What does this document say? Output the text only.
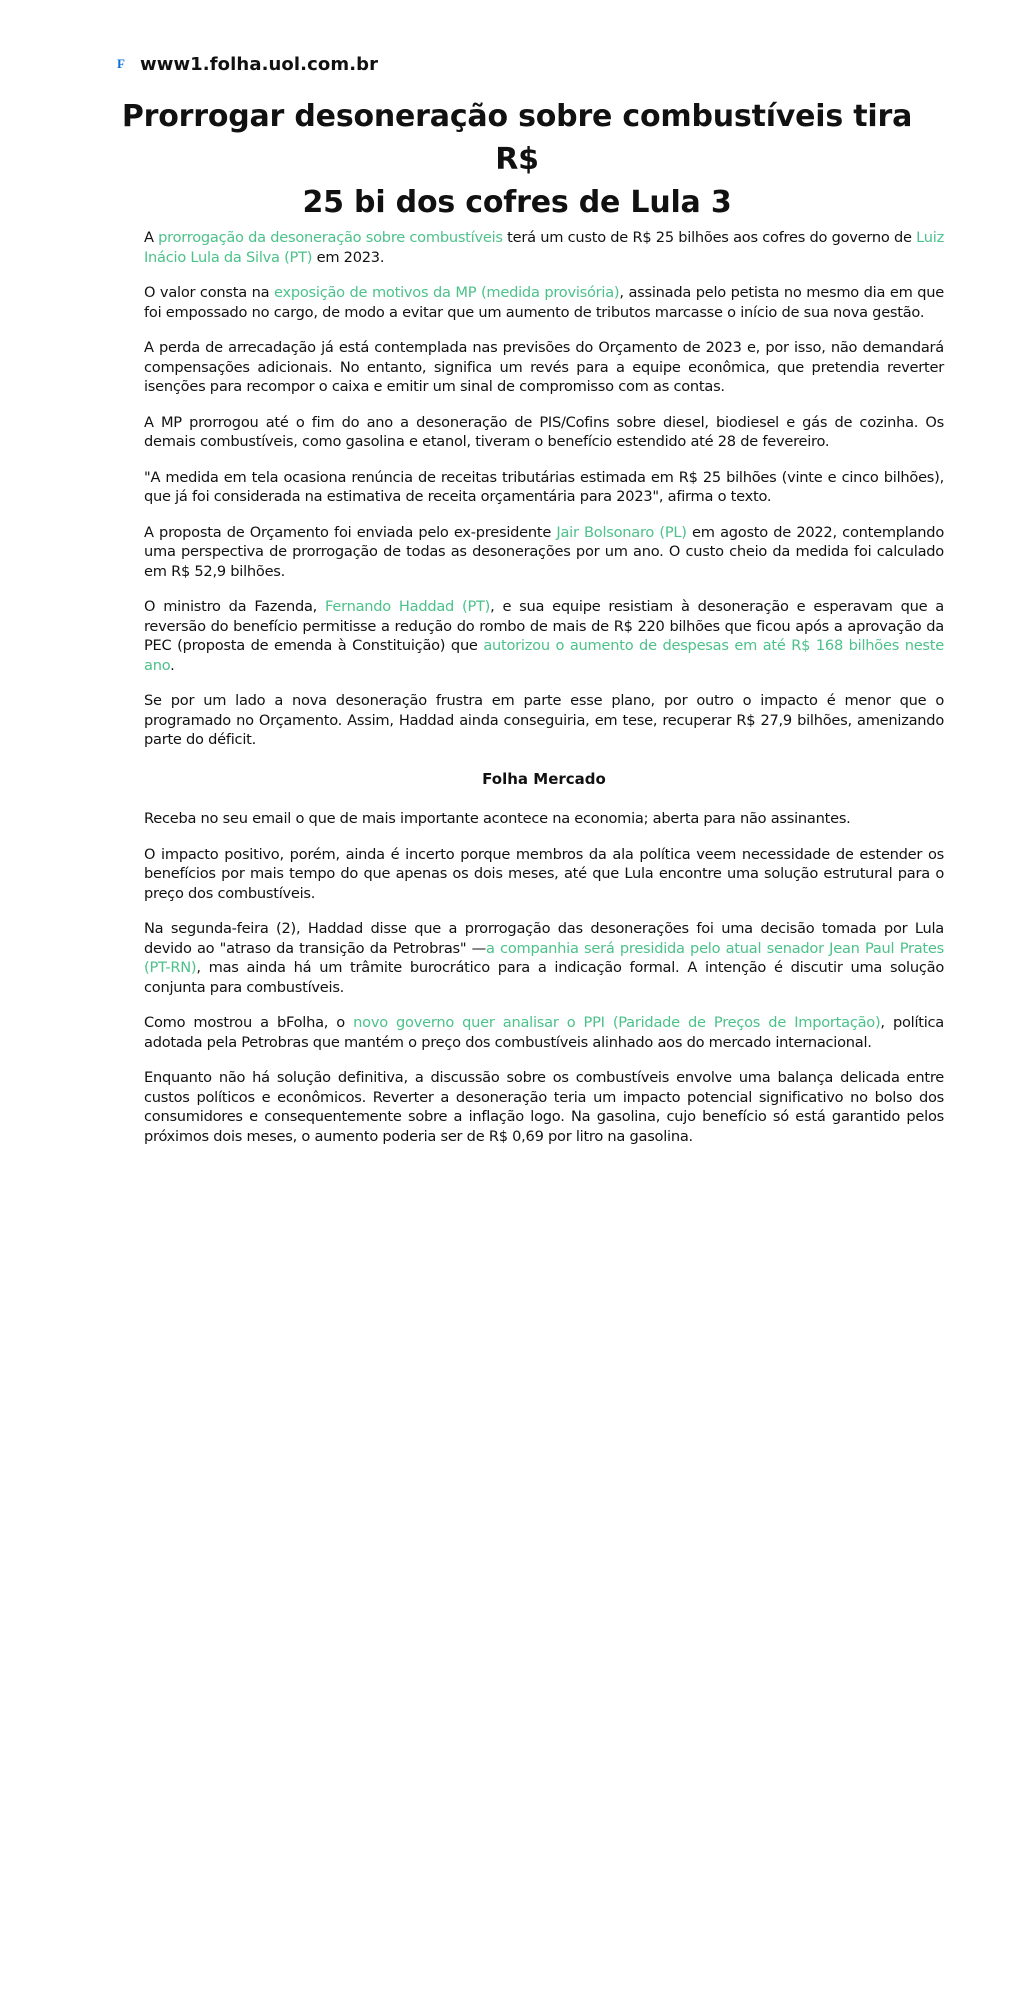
F www1.folha.uol.com.br
Prorrogar desoneração sobre combustíveis tira R$
25 bi dos cofres de Lula 3

A prorrogação da desoneração sobre combustíveis terá um custo de R$ 25 bilhões aos cofres do governo de Luiz Inácio Lula da Silva (PT) em 2023.

O valor consta na exposição de motivos da MP (medida provisória), assinada pelo petista no mesmo dia em que foi empossado no cargo, de modo a evitar que um aumento de tributos marcasse o início de sua nova gestão.

A perda de arrecadação já está contemplada nas previsões do Orçamento de 2023 e, por isso, não demandará compensações adicionais. No entanto, significa um revés para a equipe econômica, que pretendia reverter isenções para recompor o caixa e emitir um sinal de compromisso com as contas.

A MP prorrogou até o fim do ano a desoneração de PIS/Cofins sobre diesel, biodiesel e gás de cozinha. Os demais combustíveis, como gasolina e etanol, tiveram o benefício estendido até 28 de fevereiro.

"A medida em tela ocasiona renúncia de receitas tributárias estimada em R$ 25 bilhões (vinte e cinco bilhões), que já foi considerada na estimativa de receita orçamentária para 2023", afirma o texto.

A proposta de Orçamento foi enviada pelo ex-presidente Jair Bolsonaro (PL) em agosto de 2022, contemplando uma perspectiva de prorrogação de todas as desonerações por um ano. O custo cheio da medida foi calculado em R$ 52,9 bilhões.

O ministro da Fazenda, Fernando Haddad (PT), e sua equipe resistiam à desoneração e esperavam que a reversão do benefício permitisse a redução do rombo de mais de R$ 220 bilhões que ficou após a aprovação da PEC (proposta de emenda à Constituição) que autorizou o aumento de despesas em até R$ 168 bilhões neste ano.

Se por um lado a nova desoneração frustra em parte esse plano, por outro o impacto é menor que o programado no Orçamento. Assim, Haddad ainda conseguiria, em tese, recuperar R$ 27,9 bilhões, amenizando parte do déficit.

Folha Mercado

Receba no seu email o que de mais importante acontece na economia; aberta para não assinantes.

O impacto positivo, porém, ainda é incerto porque membros da ala política veem necessidade de estender os benefícios por mais tempo do que apenas os dois meses, até que Lula encontre uma solução estrutural para o preço dos combustíveis.

Na segunda-feira (2), Haddad disse que a prorrogação das desonerações foi uma decisão tomada por Lula devido ao "atraso da transição da Petrobras" —a companhia será presidida pelo atual senador Jean Paul Prates (PT-RN), mas ainda há um trâmite burocrático para a indicação formal. A intenção é discutir uma solução conjunta para combustíveis.

Como mostrou a bFolha, o novo governo quer analisar o PPI (Paridade de Preços de Importação), política adotada pela Petrobras que mantém o preço dos combustíveis alinhado aos do mercado internacional.

Enquanto não há solução definitiva, a discussão sobre os combustíveis envolve uma balança delicada entre custos políticos e econômicos. Reverter a desoneração teria um impacto potencial significativo no bolso dos consumidores e consequentemente sobre a inflação logo. Na gasolina, cujo benefício só está garantido pelos próximos dois meses, o aumento poderia ser de R$ 0,69 por litro na gasolina.
